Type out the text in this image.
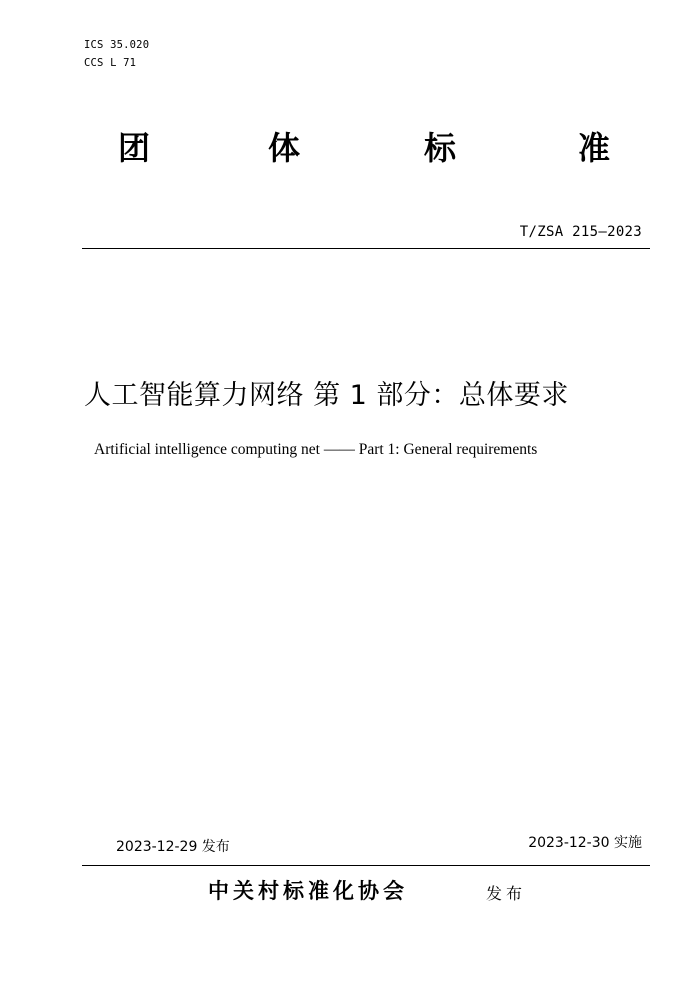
ICS 35.020
CCS L 71
团	体	标	准
T/ZSA 215—2023
人工智能算力网络 第 1 部分：总体要求
Artificial intelligence computing net —— Part 1: General requirements
2023-12-29 发布	2023-12-30 实施
中关村标准化协会	发布
